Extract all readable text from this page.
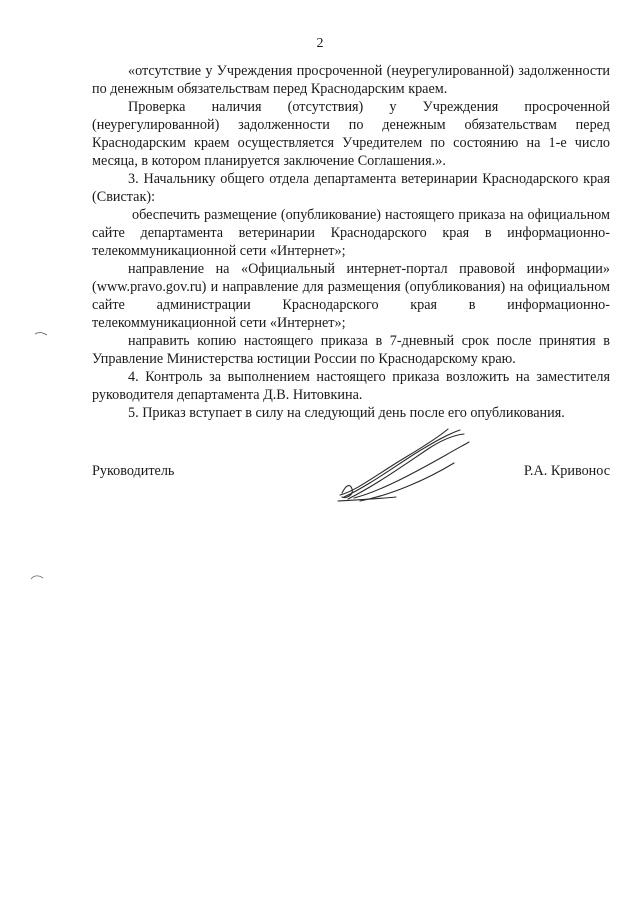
2

«отсутствие у Учреждения просроченной (неурегулированной) задолженности по денежным обязательствам перед Краснодарским краем.

Проверка наличия (отсутствия) у Учреждения просроченной (неурегулированной) задолженности по денежным обязательствам перед Краснодарским краем осуществляется Учредителем по состоянию на 1-е число месяца, в котором планируется заключение Соглашения.».

3. Начальнику общего отдела департамента ветеринарии Краснодарского края (Свистак):

обеспечить размещение (опубликование) настоящего приказа на официальном сайте департамента ветеринарии Краснодарского края в информационно-телекоммуникационной сети «Интернет»;

направление на «Официальный интернет-портал правовой информации» (www.pravo.gov.ru) и направление для размещения (опубликования) на официальном сайте администрации Краснодарского края в информационно-телекоммуникационной сети «Интернет»;

направить копию настоящего приказа в 7-дневный срок после принятия в Управление Министерства юстиции России по Краснодарскому краю.

4. Контроль за выполнением настоящего приказа возложить на заместителя руководителя департамента Д.В. Нитовкина.

5. Приказ вступает в силу на следующий день после его опубликования.

Руководитель	Р.А. Кривонос
